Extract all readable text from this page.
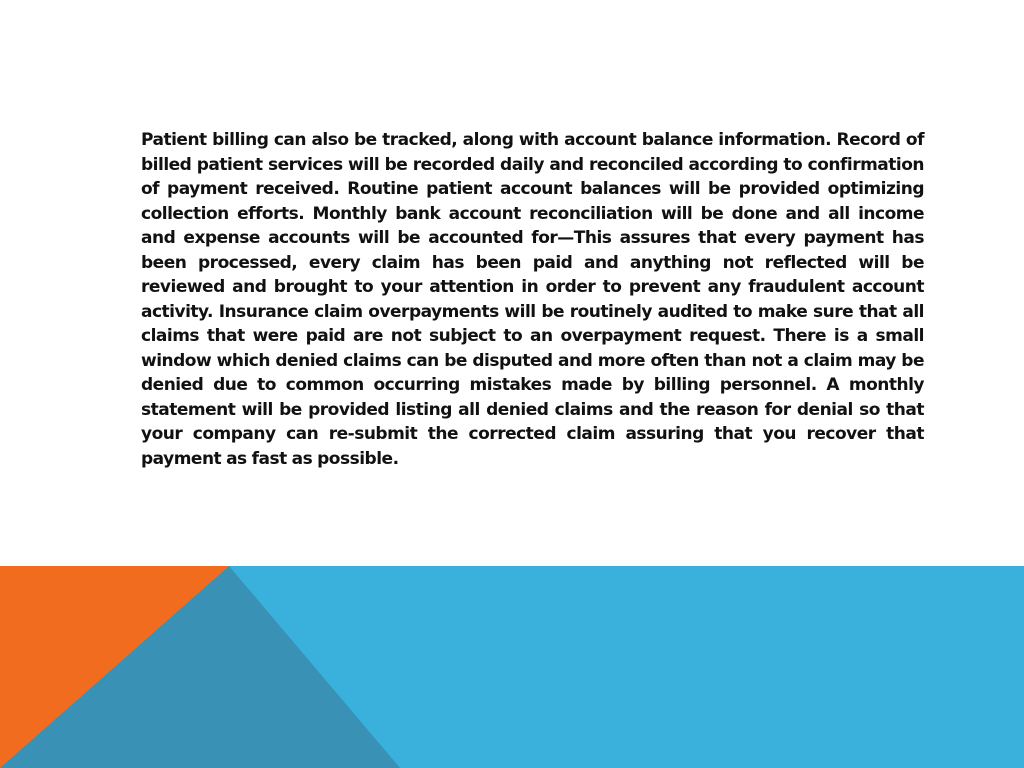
Patient billing can also be tracked, along with account balance information. Record of billed patient services will be recorded daily and reconciled according to confirmation of payment received. Routine patient account balances will be provided optimizing collection efforts. Monthly bank account reconciliation will be done and all income and expense accounts will be accounted for—This assures that every payment has been processed, every claim has been paid and anything not reflected will be reviewed and brought to your attention in order to prevent any fraudulent account activity. Insurance claim overpayments will be routinely audited to make sure that all claims that were paid are not subject to an overpayment request. There is a small window which denied claims can be disputed and more often than not a claim may be denied due to common occurring mistakes made by billing personnel. A monthly statement will be provided listing all denied claims and the reason for denial so that your company can re-submit the corrected claim assuring that you recover that payment as fast as possible.
